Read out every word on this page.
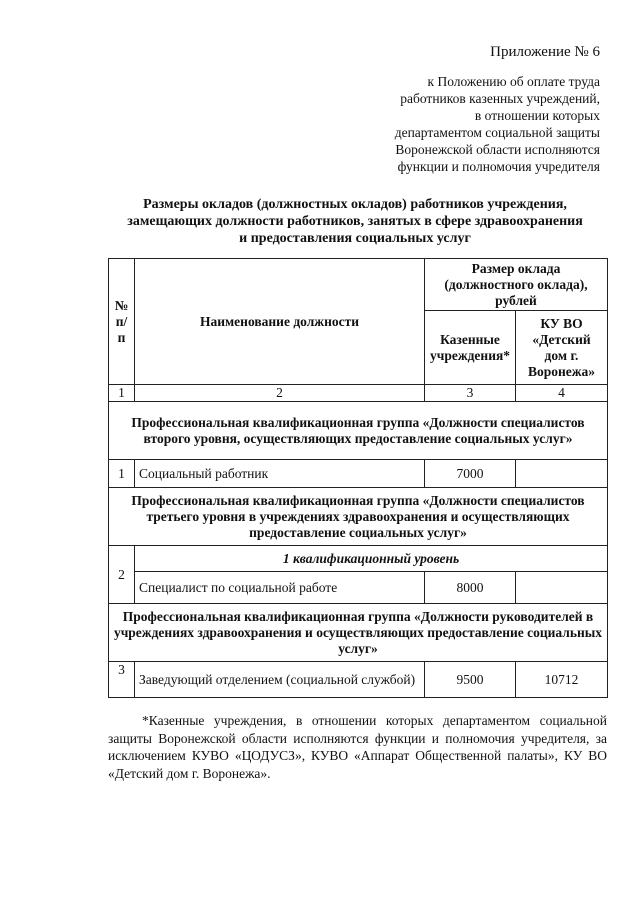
Приложение № 6
к Положению об оплате труда
работников казенных учреждений,
в отношении которых
департаментом социальной защиты
Воронежской области исполняются
функции и полномочия учредителя
Размеры окладов (должностных окладов) работников учреждения,
замещающих должности работников, занятых в сфере здравоохранения
и предоставления социальных услуг
№ п/п	Наименование должности	Размер оклада (должностного оклада), рублей	
		Казенные учреждения*	КУ ВО «Детский дом г. Воронежа»
1	2	3	4
Профессиональная квалификационная группа «Должности специалистов второго уровня, осуществляющих предоставление социальных услуг»			
1	Социальный работник	7000	
Профессиональная квалификационная группа «Должности специалистов третьего уровня в учреждениях здравоохранения и осуществляющих предоставление социальных услуг»			
2	1 квалификационный уровень		
	Специалист по социальной работе	8000	
Профессиональная квалификационная группа «Должности руководителей в учреждениях здравоохранения и осуществляющих предоставление социальных услуг»			
3	Заведующий отделением (социальной службой)	9500	10712

*Казенные учреждения, в отношении которых департаментом социальной защиты Воронежской области исполняются функции и полномочия учредителя, за исключением КУВО «ЦОДУСЗ», КУВО «Аппарат Общественной палаты», КУ ВО «Детский дом г. Воронежа».
